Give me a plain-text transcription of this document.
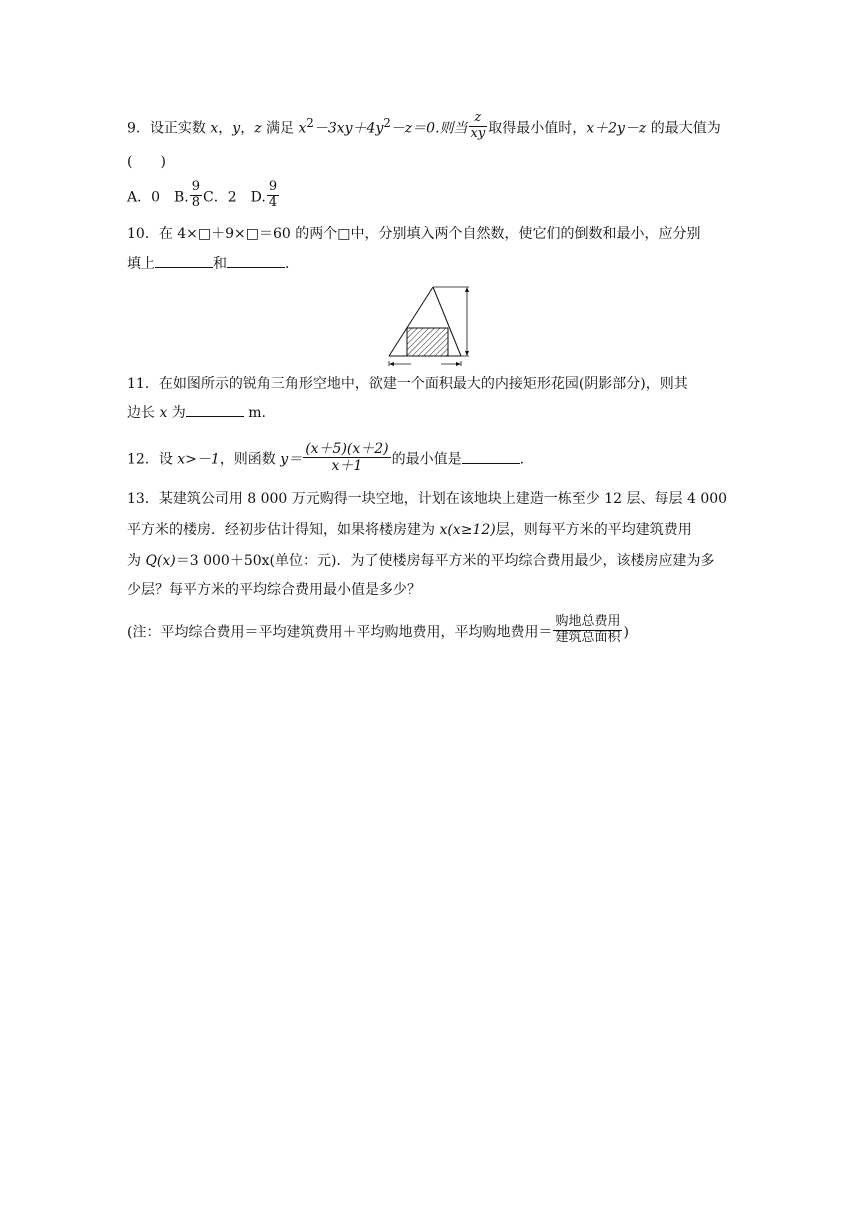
9．设正实数 x，y，z 满足 $x^2-3xy+4y^2-z=0$.则当 $\frac{z}{xy}$ 取得最小值时，x＋2y－z 的最大值为
(　　)
A．0　B. $\frac{9}{8}$ C．2　D. $\frac{9}{4}$
10．在 4×□＋9×□＝60 的两个□中，分别填入两个自然数，使它们的倒数和最小，应分别
填上	和	.
11．在如图所示的锐角三角形空地中，欲建一个面积最大的内接矩形花园(阴影部分)，则其
边长 x 为	m.
12．设 x>－1，则函数 $y= \frac{(x+5)(x+2)}{x+1}$ 的最小值是	.
13．某建筑公司用 8 000 万元购得一块空地，计划在该地块上建造一栋至少 12 层、每层 4 000
平方米的楼房．经初步估计得知，如果将楼房建为 x(x≥12)层，则每平方米的平均建筑费用
为 Q(x)＝3 000＋50x(单位：元)．为了使楼房每平方米的平均综合费用最少，该楼房应建为多
少层？每平方米的平均综合费用最小值是多少？
(注：平均综合费用＝平均建筑费用＋平均购地费用，平均购地费用＝ $\frac{\text{购地总费用}}{\text{建筑总面积}}$ )
